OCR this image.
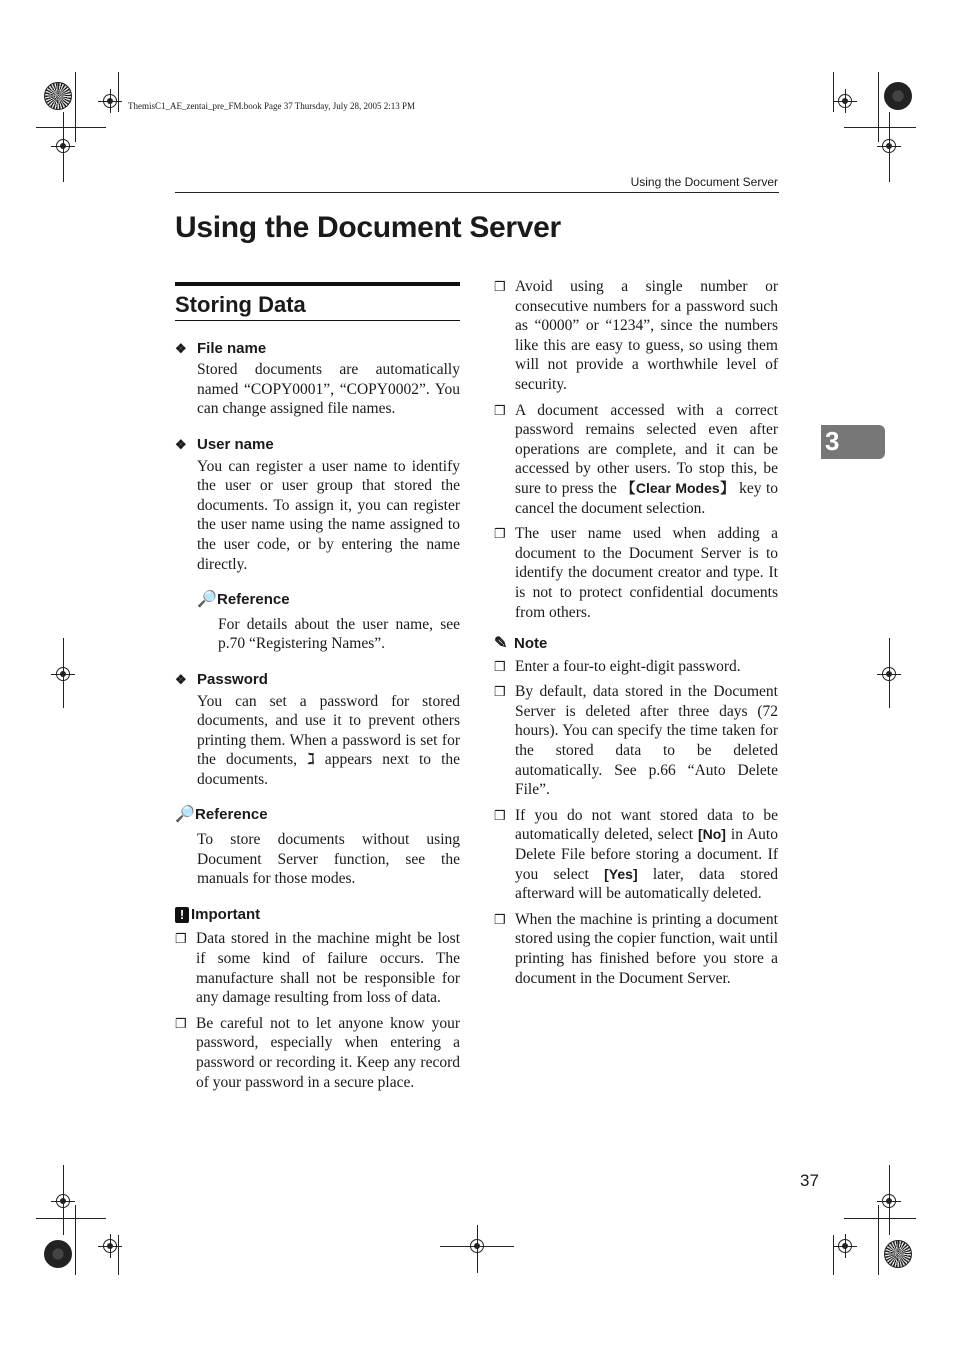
ThemisC1_AE_zentai_pre_FM.book Page 37 Thursday, July 28, 2005 2:13 PM
Using the Document Server
Using the Document Server
3
Storing Data
❖ File name

Stored documents are automatically named “COPY0001”, “COPY0002”. You can change assigned file names.

❖ User name

You can register a user name to identify the user or user group that stored the documents. To assign it, you can register the user name using the name assigned to the user code, or by entering the name directly.

🔎 Reference

For details about the user name, see p.70 “Registering Names”.

❖ Password

You can set a password for stored documents, and use it to prevent others printing them. When a password is set for the documents, ℷ appears next to the documents.

🔎 Reference

To store documents without using Document Server function, see the manuals for those modes.

! Important
❒ Data stored in the machine might be lost if some kind of failure occurs. The manufacture shall not be responsible for any damage resulting from loss of data.

❒ Be careful not to let anyone know your password, especially when entering a password or recording it. Keep any record of your password in a secure place.

❒ Avoid using a single number or consecutive numbers for a password such as “0000” or “1234”, since the numbers like this are easy to guess, so using them will not provide a worthwhile level of security.

❒ A document accessed with a correct password remains selected even after operations are complete, and it can be accessed by other users. To stop this, be sure to press the 【Clear Modes】 key to cancel the document selection.

❒ The user name used when adding a document to the Document Server is to identify the document creator and type. It is not to protect confidential documents from others.

✎ Note
❒ Enter a four-to eight-digit password.

❒ By default, data stored in the Document Server is deleted after three days (72 hours). You can specify the time taken for the stored data to be deleted automatically. See p.66 “Auto Delete File”.

❒ If you do not want stored data to be automatically deleted, select [No] in Auto Delete File before storing a document. If you select [Yes] later, data stored afterward will be automatically deleted.

❒ When the machine is printing a document stored using the copier function, wait until printing has finished before you store a document in the Document Server.

37
